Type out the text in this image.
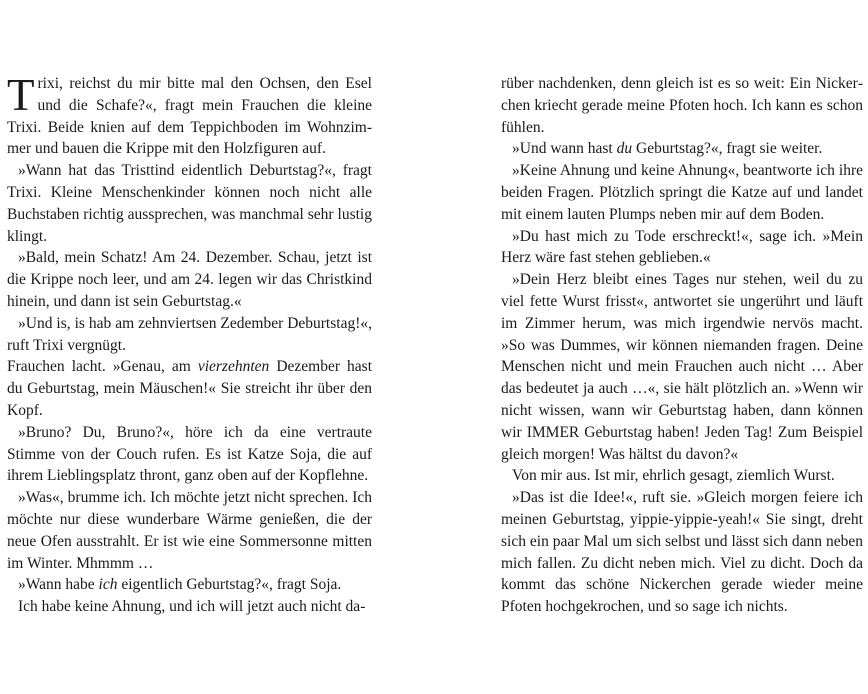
Trixi, reichst du mir bitte mal den Ochsen, den Esel und die Schafe?«, fragt mein Frauchen die kleine Trixi. Beide knien auf dem Teppichboden im Wohnzimmer und bauen die Krippe mit den Holzfiguren auf.

»Wann hat das Tristtind eidentlich Deburtstag?«, fragt Trixi. Kleine Menschenkinder können noch nicht alle Buchstaben richtig aussprechen, was manchmal sehr lustig klingt.

»Bald, mein Schatz! Am 24. Dezember. Schau, jetzt ist die Krippe noch leer, und am 24. legen wir das Christkind hinein, und dann ist sein Geburtstag.«

»Und is, is hab am zehnviertsen Zedember Deburtstag!«, ruft Trixi vergnügt.

Frauchen lacht. »Genau, am vierzehnten Dezember hast du Geburtstag, mein Mäuschen!« Sie streicht ihr über den Kopf.

»Bruno? Du, Bruno?«, höre ich da eine vertraute Stimme von der Couch rufen. Es ist Katze Soja, die auf ihrem Lieblingsplatz thront, ganz oben auf der Kopflehne.

»Was«, brumme ich. Ich möchte jetzt nicht sprechen. Ich möchte nur diese wunderbare Wärme genießen, die der neue Ofen ausstrahlt. Er ist wie eine Sommersonne mitten im Winter. Mhmmm …

»Wann habe ich eigentlich Geburtstag?«, fragt Soja.

Ich habe keine Ahnung, und ich will jetzt auch nicht da-

rüber nachdenken, denn gleich ist es so weit: Ein Nickerchen kriecht gerade meine Pfoten hoch. Ich kann es schon fühlen.

»Und wann hast du Geburtstag?«, fragt sie weiter.

»Keine Ahnung und keine Ahnung«, beantworte ich ihre beiden Fragen. Plötzlich springt die Katze auf und landet mit einem lauten Plumps neben mir auf dem Boden.

»Du hast mich zu Tode erschreckt!«, sage ich. »Mein Herz wäre fast stehen geblieben.«

»Dein Herz bleibt eines Tages nur stehen, weil du zu viel fette Wurst frisst«, antwortet sie ungerührt und läuft im Zimmer herum, was mich irgendwie nervös macht. »So was Dummes, wir können niemanden fragen. Deine Menschen nicht und mein Frauchen auch nicht … Aber das bedeutet ja auch …«, sie hält plötzlich an. »Wenn wir nicht wissen, wann wir Geburtstag haben, dann können wir IMMER Geburtstag haben! Jeden Tag! Zum Beispiel gleich morgen! Was hältst du davon?«

Von mir aus. Ist mir, ehrlich gesagt, ziemlich Wurst.

»Das ist die Idee!«, ruft sie. »Gleich morgen feiere ich meinen Geburtstag, yippie-yippie-yeah!« Sie singt, dreht sich ein paar Mal um sich selbst und lässt sich dann neben mich fallen. Zu dicht neben mich. Viel zu dicht. Doch da kommt das schöne Nickerchen gerade wieder meine Pfoten hochgekrochen, und so sage ich nichts.
